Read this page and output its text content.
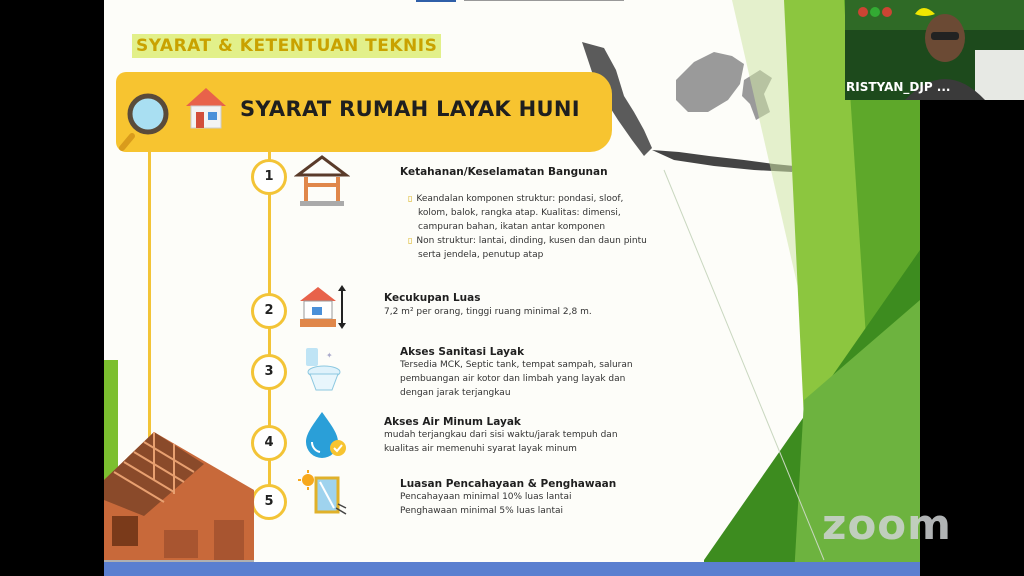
SYARAT & KETENTUAN TEKNIS
SYARAT RUMAH LAYAK HUNI
1	Ketahanan/Keselamatan Bangunan
▯ Keandalan komponen struktur: pondasi, sloof, kolom, balok, rangka atap. Kualitas: dimensi, campuran bahan, ikatan antar komponen
▯ Non struktur: lantai, dinding, kusen dan daun pintu serta jendela, penutup atap
2
Kecukupan Luas
7,2 m² per orang, tinggi ruang minimal 2,8 m.
3
✦	Akses Sanitasi Layak
Tersedia MCK, Septic tank, tempat sampah, saluran
pembuangan air kotor dan limbah yang layak dan
dengan jarak terjangkau
4
Akses Air Minum Layak
mudah terjangkau dari sisi waktu/jarak tempuh dan
kualitas air memenuhi syarat layak minum
5
Luasan Pencahayaan & Penghawaan
Pencahayaan minimal 10% luas lantai
Penghawaan minimal 5% luas lantai
RISTYAN_DJP ...
zoom
